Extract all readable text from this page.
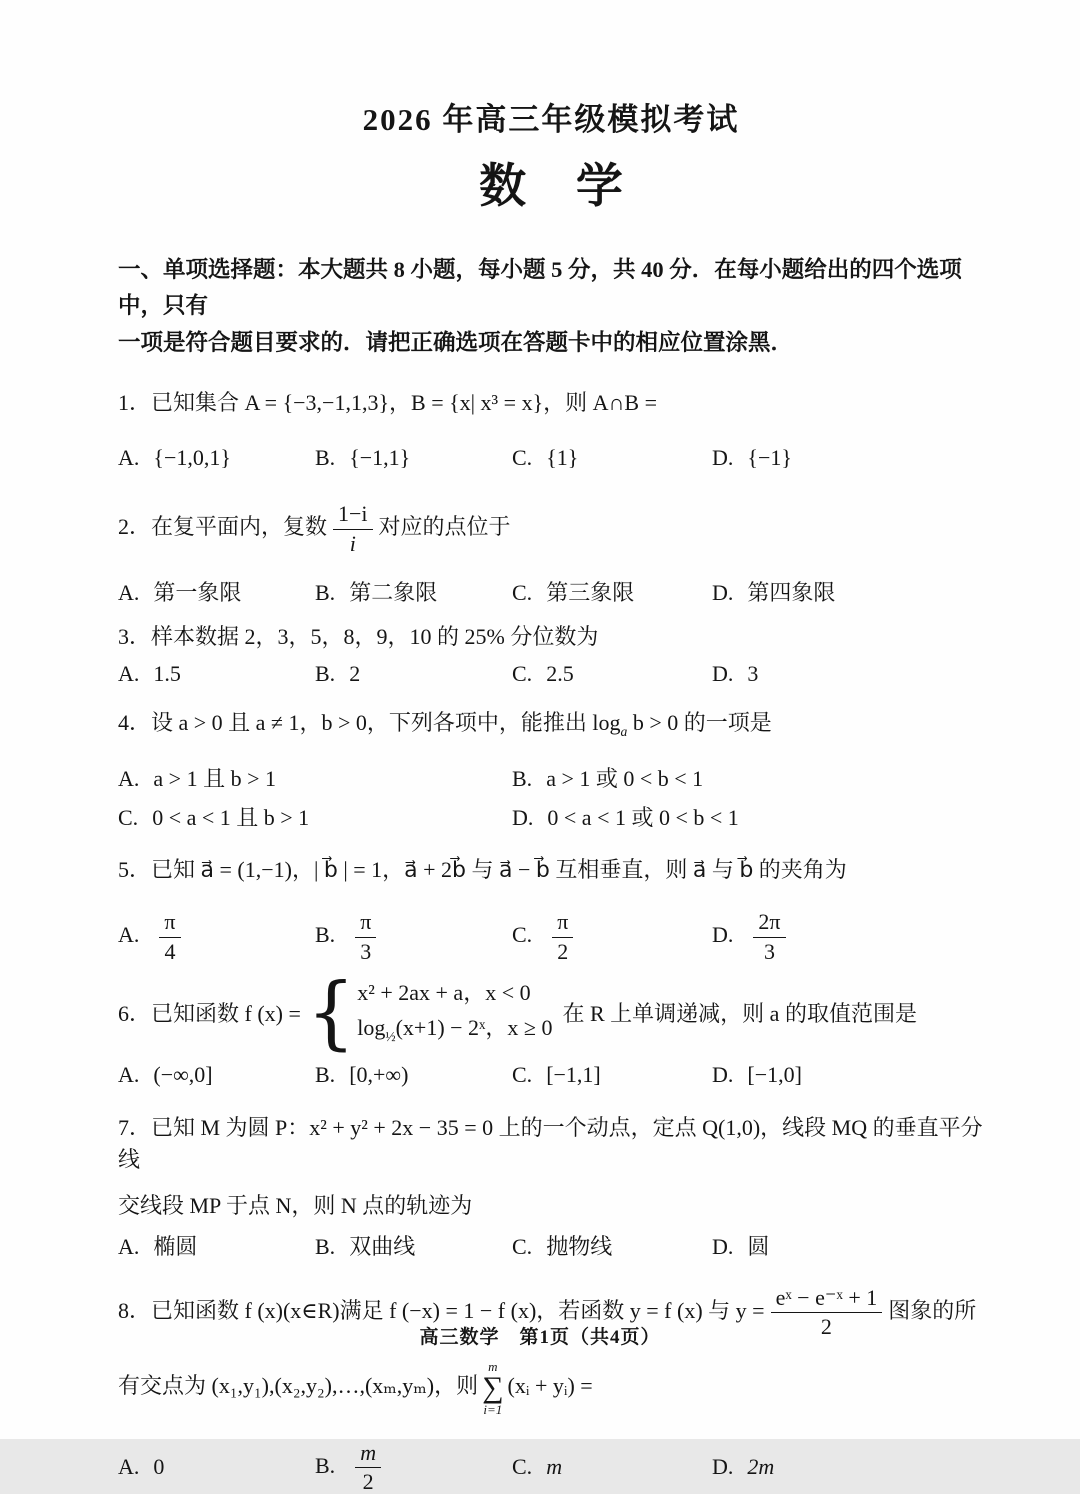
2026 年高三年级模拟考试
数 学
一、单项选择题：本大题共 8 小题，每小题 5 分，共 40 分．在每小题给出的四个选项中，只有
一项是符合题目要求的．请把正确选项在答题卡中的相应位置涂黑．
1．已知集合 A = {−3,−1,1,3}，B = {x| x³ = x}，则 A∩B =
A. {−1,0,1}	B. {−1,1}	C. {1}	D. {−1}
2．在复平面内，复数 $\frac{1-i}{i}$ 对应的点位于
A. 第一象限	B. 第二象限	C. 第三象限	D. 第四象限
3．样本数据 2，3，5，8，9，10 的 25% 分位数为
A. 1.5	B. 2	C. 2.5	D. 3
4．设 a > 0 且 a ≠ 1，b > 0，下列各项中，能推出 $\log_a b > 0$ 的一项是
A. a > 1 且 b > 1	B. a > 1 或 0 < b < 1
C. 0 < a < 1 且 b > 1	D. 0 < a < 1 或 0 < b < 1
5．已知 a⃗ = (1,−1)，| b⃗ | = 1，a⃗ + 2b⃗ 与 a⃗ − b⃗ 互相垂直，则 a⃗ 与 b⃗ 的夹角为
A. $\frac{\pi}{4}$	B. $\frac{\pi}{3}$	C. $\frac{\pi}{2}$	D. $\frac{2\pi}{3}$
6．已知函数 f (x) = { x² + 2ax + a，x < 0
$\log_{\frac{1}{2}}(x+1)$ − 2ˣ，x ≥ 0
在 R 上单调递减，则 a 的取值范围是
A. (−∞,0]	B. [0,+∞)	C. [−1,1]	D. [−1,0]
7．已知 M 为圆 P：x² + y² + 2x − 35 = 0 上的一个动点，定点 Q(1,0)，线段 MQ 的垂直平分线
交线段 MP 于点 N，则 N 点的轨迹为
A. 椭圆	B. 双曲线	C. 抛物线	D. 圆
8．已知函数 f (x)(x∈R)满足 f (−x) = 1 − f (x)，若函数 y = f (x) 与 $y = \frac{\text{eˣ − e⁻ˣ + 1}}{2}$ 图象的所
有交点为 (x₁,y₁),(x₂,y₂),…,(xₘ,yₘ)，则
m
∑
i=1
(xᵢ + yᵢ) =
A. 0	B. $\frac{m}{2}$	C. m	D. 2m
高三数学　第1页（共4页）
